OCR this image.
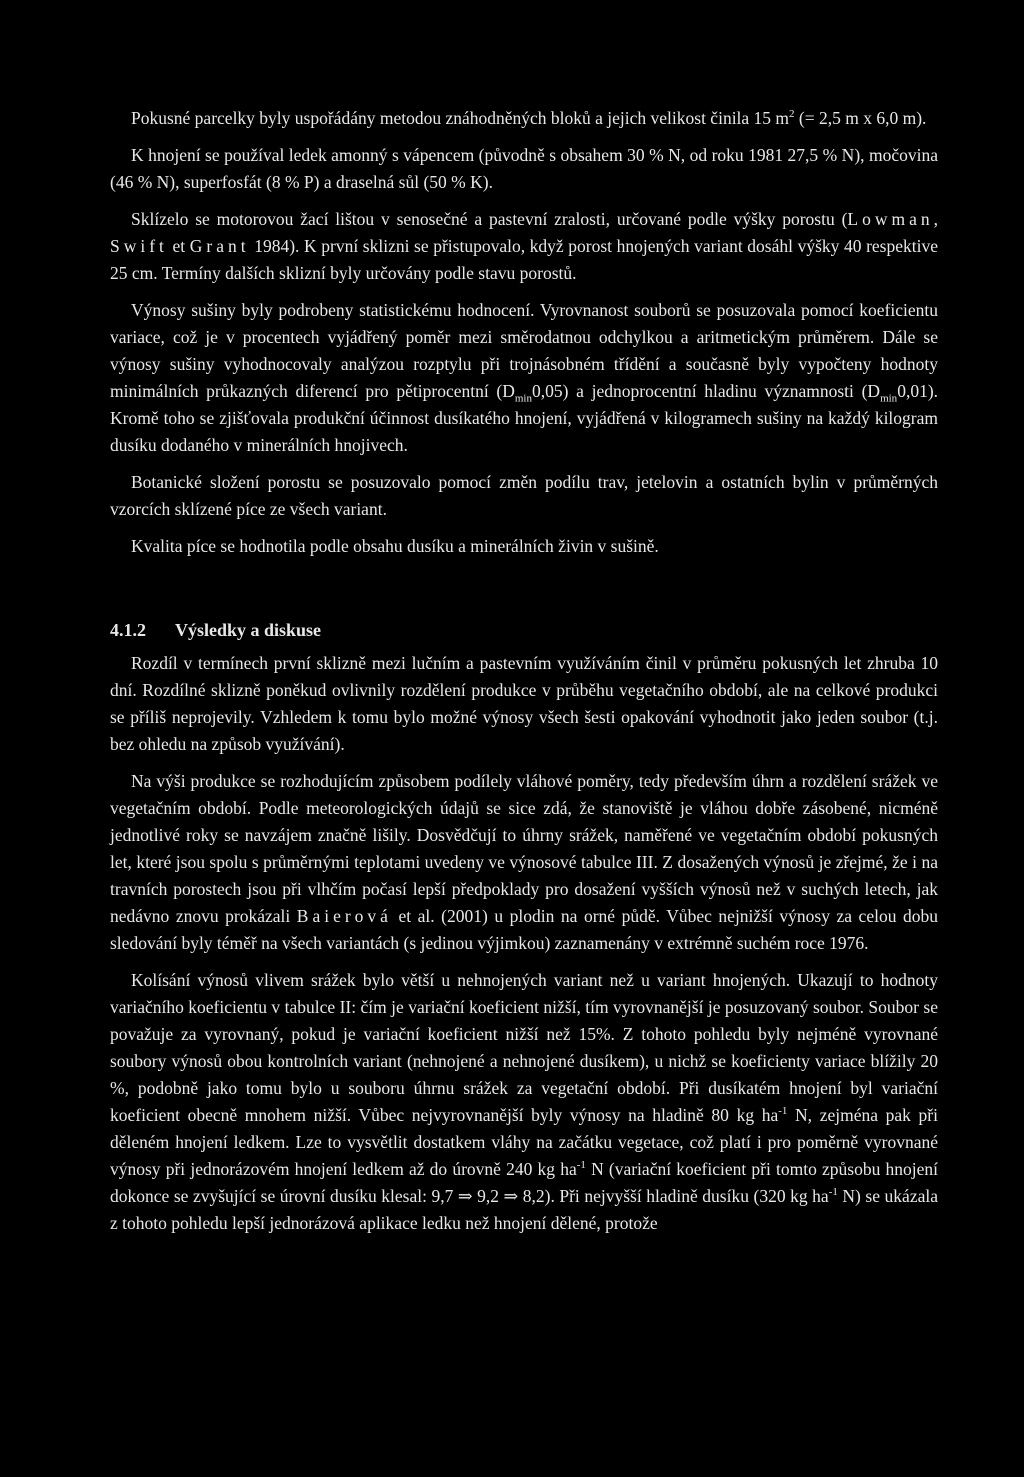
Pokusné parcelky byly uspořádány metodou znáhodněných bloků a jejich velikost činila 15 $m^2$ (= 2,5 m x 6,0 m).

K hnojení se používal ledek amonný s vápencem (původně s obsahem 30 % N, od roku 1981 27,5 % N), močovina (46 % N), superfosfát (8 % P) a draselná sůl (50 % K).

Sklízelo se motorovou žací lištou v senosečné a pastevní zralosti, určované podle výšky porostu (Lowman, Swift et Grant 1984). K první sklizni se přistupovalo, když porost hnojených variant dosáhl výšky 40 respektive 25 cm. Termíny dalších sklizní byly určovány podle stavu porostů.

Výnosy sušiny byly podrobeny statistickému hodnocení. Vyrovnanost souborů se posuzovala pomocí koeficientu variace, což je v procentech vyjádřený poměr mezi směrodatnou odchylkou a aritmetickým průměrem. Dále se výnosy sušiny vyhodnocovaly analýzou rozptylu při trojnásobném třídění a současně byly vypočteny hodnoty minimálních průkazných diferencí pro pětiprocentní $(D_{min}0,05)$ a jednoprocentní hladinu významnosti $(D_{min}0,01)$. Kromě toho se zjišťovala produkční účinnost dusíkatého hnojení, vyjádřená v kilogramech sušiny na každý kilogram dusíku dodaného v minerálních hnojivech.

Botanické složení porostu se posuzovalo pomocí změn podílu trav, jetelovin a ostatních bylin v průměrných vzorcích sklízené píce ze všech variant.

Kvalita píce se hodnotila podle obsahu dusíku a minerálních živin v sušině.

4.1.2 Výsledky a diskuse

Rozdíl v termínech první sklizně mezi lučním a pastevním využíváním činil v průměru pokusných let zhruba 10 dní. Rozdílné sklizně poněkud ovlivnily rozdělení produkce v průběhu vegetačního období, ale na celkové produkci se příliš neprojevily. Vzhledem k tomu bylo možné výnosy všech šesti opakování vyhodnotit jako jeden soubor (t.j. bez ohledu na způsob využívání).

Na výši produkce se rozhodujícím způsobem podílely vláhové poměry, tedy především úhrn a rozdělení srážek ve vegetačním období. Podle meteorologických údajů se sice zdá, že stanoviště je vláhou dobře zásobené, nicméně jednotlivé roky se navzájem značně lišily. Dosvědčují to úhrny srážek, naměřené ve vegetačním období pokusných let, které jsou spolu s průměrnými teplotami uvedeny ve výnosové tabulce III. Z dosažených výnosů je zřejmé, že i na travních porostech jsou při vlhčím počasí lepší předpoklady pro dosažení vyšších výnosů než v suchých letech, jak nedávno znovu prokázali Baierová et al. (2001) u plodin na orné půdě. Vůbec nejnižší výnosy za celou dobu sledování byly téměř na všech variantách (s jedinou výjimkou) zaznamenány v extrémně suchém roce 1976.

Kolísání výnosů vlivem srážek bylo větší u nehnojených variant než u variant hnojených. Ukazují to hodnoty variačního koeficientu v tabulce II: čím je variační koeficient nižší, tím vyrovnanější je posuzovaný soubor. Soubor se považuje za vyrovnaný, pokud je variační koeficient nižší než 15%. Z tohoto pohledu byly nejméně vyrovnané soubory výnosů obou kontrolních variant (nehnojené a nehnojené dusíkem), u nichž se koeficienty variace blížily 20 %, podobně jako tomu bylo u souboru úhrnu srážek za vegetační období. Při dusíkatém hnojení byl variační koeficient obecně mnohem nižší. Vůbec nejvyrovnanější byly výnosy na hladině 80 kg $ha^{-1}$ N, zejména pak při děleném hnojení ledkem. Lze to vysvětlit dostatkem vláhy na začátku vegetace, což platí i pro poměrně vyrovnané výnosy při jednorázovém hnojení ledkem až do úrovně 240 kg $ha^{-1}$ N (variační koeficient při tomto způsobu hnojení dokonce se zvyšující se úrovní dusíku klesal: 9,7 ⇒ 9,2 ⇒ 8,2). Při nejvyšší hladině dusíku (320 kg $ha^{-1}$ N) se ukázala z tohoto pohledu lepší jednorázová aplikace ledku než hnojení dělené, protože
